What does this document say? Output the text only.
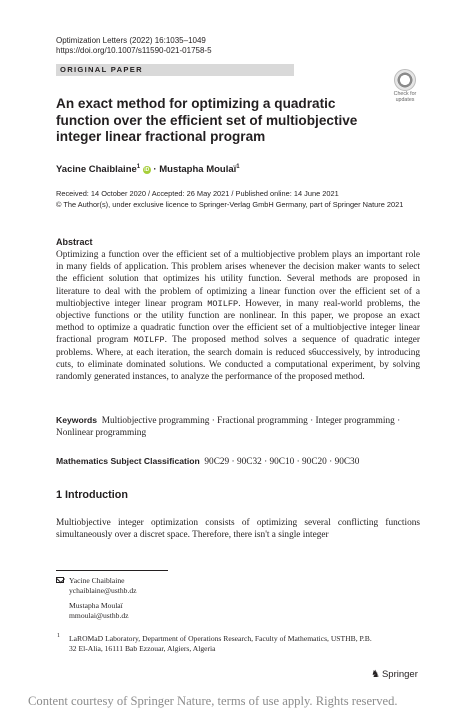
Optimization Letters (2022) 16:1035–1049
https://doi.org/10.1007/s11590-021-01758-5
ORIGINAL PAPER
Check for
updates
An exact method for optimizing a quadratic function over the efficient set of multiobjective integer linear fractional program
Yacine Chaiblaine$^1$ iD · Mustapha Moulaï$^1$
Received: 14 October 2020 / Accepted: 26 May 2021 / Published online: 14 June 2021
© The Author(s), under exclusive licence to Springer-Verlag GmbH Germany, part of Springer Nature 2021
Abstract
Optimizing a function over the efficient set of a multiobjective problem plays an important role in many fields of application. This problem arises whenever the decision maker wants to select the efficient solution that optimizes his utility function. Several methods are proposed in literature to deal with the problem of optimizing a linear function over the efficient set of a multiobjective integer linear program MOILFP. However, in many real-world problems, the objective functions or the utility function are nonlinear. In this paper, we propose an exact method to optimize a quadratic function over the efficient set of a multiobjective integer linear fractional program MOILFP. The proposed method solves a sequence of quadratic integer problems. Where, at each iteration, the search domain is reduced s6uccessively, by introducing cuts, to eliminate dominated solutions. We conducted a computational experiment, by solving randomly generated instances, to analyze the performance of the proposed method.
Keywords Multiobjective programming · Fractional programming · Integer programming · Nonlinear programming
Mathematics Subject Classification 90C29 · 90C32 · 90C10 · 90C20 · 90C30
1 Introduction
Multiobjective integer optimization consists of optimizing several conflicting functions simultaneously over a discret space. Therefore, there isn't a single integer
Yacine Chaiblaine
ychaiblaine@usthb.dz
Mustapha Moulaï
mmoulai@usthb.dz
1 LaROMaD Laboratory, Department of Operations Research, Faculty of Mathematics, USTHB, P.B.
32 El-Alia, 16111 Bab Ezzouar, Algiers, Algeria
♞ Springer
Content courtesy of Springer Nature, terms of use apply. Rights reserved.
